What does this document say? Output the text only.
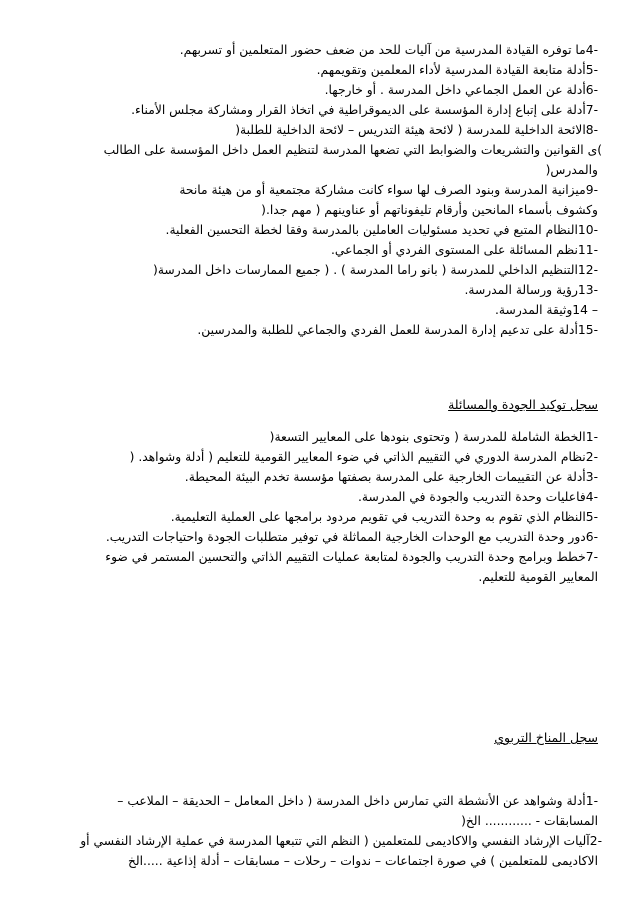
-4ما توفره القيادة المدرسية من آليات للحد من ضعف حضور المتعلمين أو تسربهم.
-5أدلة متابعة القيادة المدرسية لأداء المعلمين وتقويمهم.
-6أدلة عن العمل الجماعي داخل المدرسة . أو خارجها.
-7أدلة على إتباع إدارة المؤسسة على الديموقراطية في اتخاذ القرار ومشاركة مجلس الأمناء.
-8الائحة الداخلية للمدرسة ( لائحة هيئة التدريس – لائحة الداخلية للطلبة(
)ى القوانين والتشريعات والضوابط التي تضعها المدرسة لتنظيم العمل داخل المؤسسة على الطالب
والمدرس(
-9ميزانية المدرسة وبنود الصرف لها سواء كانت مشاركة مجتمعية أو من هيئة مانحة
وكشوف بأسماء المانحين وأرقام تليفوناتهم أو عناوينهم ( مهم جدا.(
-10النظام المتبع في تحديد مسئوليات العاملين بالمدرسة وفقا لخطة التحسين الفعلية.
-11نظم المسائلة على المستوى الفردي أو الجماعي.
-12التنظيم الداخلي للمدرسة ( بانو راما المدرسة ) . ( جميع الممارسات داخل المدرسة(
-13رؤية ورسالة المدرسة.
– 14وثيقة المدرسة.
-15أدلة على تدعيم إدارة المدرسة للعمل الفردي والجماعي للطلبة والمدرسين.
سجل توكيد الجودة والمسائلة
-1الخطة الشاملة للمدرسة ( وتحتوى بنودها على المعايير التسعة(
-2نظام المدرسة الدوري في التقييم الذاتي في ضوء المعايير القومية للتعليم ( أدلة وشواهد. (
-3أدلة عن التقييمات الخارجية على المدرسة بصفتها مؤسسة تخدم البيئة المحيطة.
-4فاعليات وحدة التدريب والجودة في المدرسة.
-5النظام الذي تقوم به وحدة التدريب في تقويم مردود برامجها على العملية التعليمية.
-6دور وحدة التدريب مع الوحدات الخارجية المماثلة في توفير متطلبات الجودة واحتياجات التدريب.
-7خطط وبرامج وحدة التدريب والجودة لمتابعة عمليات التقييم الذاتي والتحسين المستمر في ضوء
المعايير القومية للتعليم.
سجل المناخ التربوي
-1أدلة وشواهد عن الأنشطة التي تمارس داخل المدرسة ( داخل المعامل – الحديقة – الملاعب –
المسابقات - ............ الخ(
-2آليات الإرشاد النفسي والاكاديمى للمتعلمين ( النظم التي تتبعها المدرسة في عملية الإرشاد النفسي أو
الاكاديمى للمتعلمين ) في صورة اجتماعات – ندوات – رحلات – مسابقات – أدلة إذاعية .....الخ
